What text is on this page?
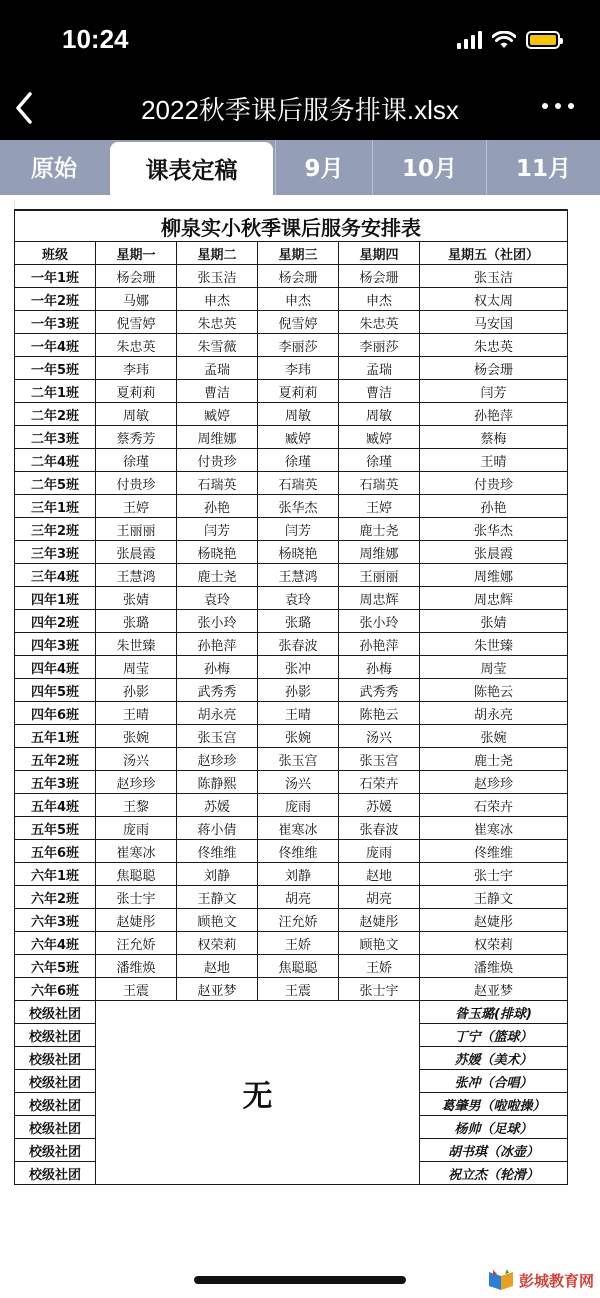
10:24
2022秋季课后服务排课.xlsx
原始	课表定稿	9月	10月	11月
柳泉实小秋季课后服务安排表					
班级	星期一	星期二	星期三	星期四	星期五（社团）
一年1班	杨会珊	张玉洁	杨会珊	杨会珊	张玉洁
一年2班	马娜	申杰	申杰	申杰	权太周
一年3班	倪雪婷	朱忠英	倪雪婷	朱忠英	马安国
一年4班	朱忠英	朱雪薇	李丽莎	李丽莎	朱忠英
一年5班	李玮	孟瑞	李玮	孟瑞	杨会珊
二年1班	夏莉莉	曹洁	夏莉莉	曹洁	闫芳
二年2班	周敏	臧婷	周敏	周敏	孙艳萍
二年3班	蔡秀芳	周维娜	臧婷	臧婷	蔡梅
二年4班	徐瑾	付贵珍	徐瑾	徐瑾	王晴
二年5班	付贵珍	石瑞英	石瑞英	石瑞英	付贵珍
三年1班	王婷	孙艳	张华杰	王婷	孙艳
三年2班	王丽丽	闫芳	闫芳	鹿士尧	张华杰
三年3班	张晨霞	杨晓艳	杨晓艳	周维娜	张晨霞
三年4班	王慧鸿	鹿士尧	王慧鸿	王丽丽	周维娜
四年1班	张婧	袁玲	袁玲	周忠辉	周忠辉
四年2班	张璐	张小玲	张璐	张小玲	张婧
四年3班	朱世臻	孙艳萍	张春波	孙艳萍	朱世臻
四年4班	周莹	孙梅	张冲	孙梅	周莹
四年5班	孙影	武秀秀	孙影	武秀秀	陈艳云
四年6班	王晴	胡永亮	王晴	陈艳云	胡永亮
五年1班	张婉	张玉宫	张婉	汤兴	张婉
五年2班	汤兴	赵珍珍	张玉宫	张玉宫	鹿士尧
五年3班	赵珍珍	陈静熙	汤兴	石荣卉	赵珍珍
五年4班	王黎	苏媛	庞雨	苏媛	石荣卉
五年5班	庞雨	蒋小倩	崔寒冰	张春波	崔寒冰
五年6班	崔寒冰	佟维维	佟维维	庞雨	佟维维
六年1班	焦聪聪	刘静	刘静	赵地	张士宇
六年2班	张士宇	王静文	胡亮	胡亮	王静文
六年3班	赵婕彤	顾艳文	汪允娇	赵婕彤	赵婕彤
六年4班	汪允娇	权荣莉	王娇	顾艳文	权荣莉
六年5班	潘维焕	赵地	焦聪聪	王娇	潘维焕
六年6班	王震	赵亚梦	王震	张士宇	赵亚梦
校级社团	无				昝玉璐(排球)
校级社团					丁宁（篮球）
校级社团					苏媛（美术）
校级社团					张冲（合唱）
校级社团					葛肇男（啦啦操）
校级社团					杨帅（足球）
校级社团					胡书琪（冰壶）
校级社团					祝立杰（轮滑）
彭城教育网
